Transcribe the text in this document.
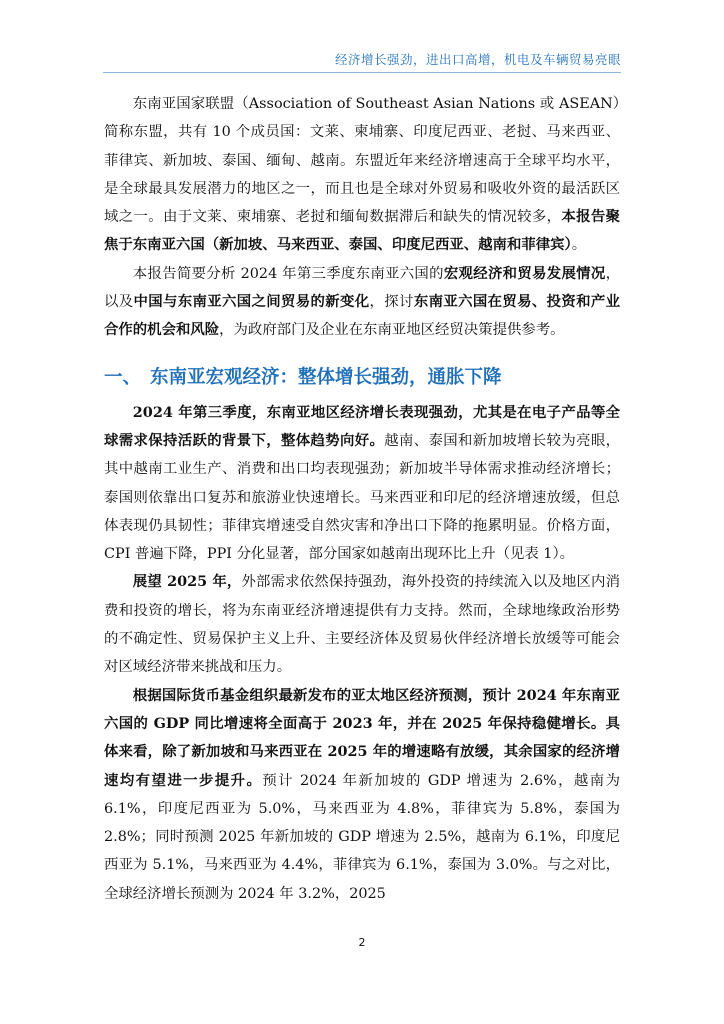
经济增长强劲，进出口高增，机电及车辆贸易亮眼

东南亚国家联盟（Association of Southeast Asian Nations 或 ASEAN）简称东盟，共有 10 个成员国：文莱、柬埔寨、印度尼西亚、老挝、马来西亚、菲律宾、新加坡、泰国、缅甸、越南。东盟近年来经济增速高于全球平均水平，是全球最具发展潜力的地区之一，而且也是全球对外贸易和吸收外资的最活跃区域之一。由于文莱、柬埔寨、老挝和缅甸数据滞后和缺失的情况较多，本报告聚焦于东南亚六国（新加坡、马来西亚、泰国、印度尼西亚、越南和菲律宾）。

本报告简要分析 2024 年第三季度东南亚六国的宏观经济和贸易发展情况，以及中国与东南亚六国之间贸易的新变化，探讨东南亚六国在贸易、投资和产业合作的机会和风险，为政府部门及企业在东南亚地区经贸决策提供参考。

一、 东南亚宏观经济：整体增长强劲，通胀下降

2024 年第三季度，东南亚地区经济增长表现强劲，尤其是在电子产品等全球需求保持活跃的背景下，整体趋势向好。越南、泰国和新加坡增长较为亮眼，其中越南工业生产、消费和出口均表现强劲；新加坡半导体需求推动经济增长；泰国则依靠出口复苏和旅游业快速增长。马来西亚和印尼的经济增速放缓，但总体表现仍具韧性；菲律宾增速受自然灾害和净出口下降的拖累明显。价格方面，CPI 普遍下降，PPI 分化显著，部分国家如越南出现环比上升（见表 1）。

展望 2025 年，外部需求依然保持强劲，海外投资的持续流入以及地区内消费和投资的增长，将为东南亚经济增速提供有力支持。然而，全球地缘政治形势的不确定性、贸易保护主义上升、主要经济体及贸易伙伴经济增长放缓等可能会对区域经济带来挑战和压力。

根据国际货币基金组织最新发布的亚太地区经济预测，预计 2024 年东南亚六国的 GDP 同比增速将全面高于 2023 年，并在 2025 年保持稳健增长。具体来看，除了新加坡和马来西亚在 2025 年的增速略有放缓，其余国家的经济增速均有望进一步提升。预计 2024 年新加坡的 GDP 增速为 2.6%，越南为 6.1%，印度尼西亚为 5.0%，马来西亚为 4.8%，菲律宾为 5.8%，泰国为 2.8%；同时预测 2025 年新加坡的 GDP 增速为 2.5%，越南为 6.1%，印度尼西亚为 5.1%，马来西亚为 4.4%，菲律宾为 6.1%，泰国为 3.0%。与之对比，全球经济增长预测为 2024 年 3.2%，2025

2
